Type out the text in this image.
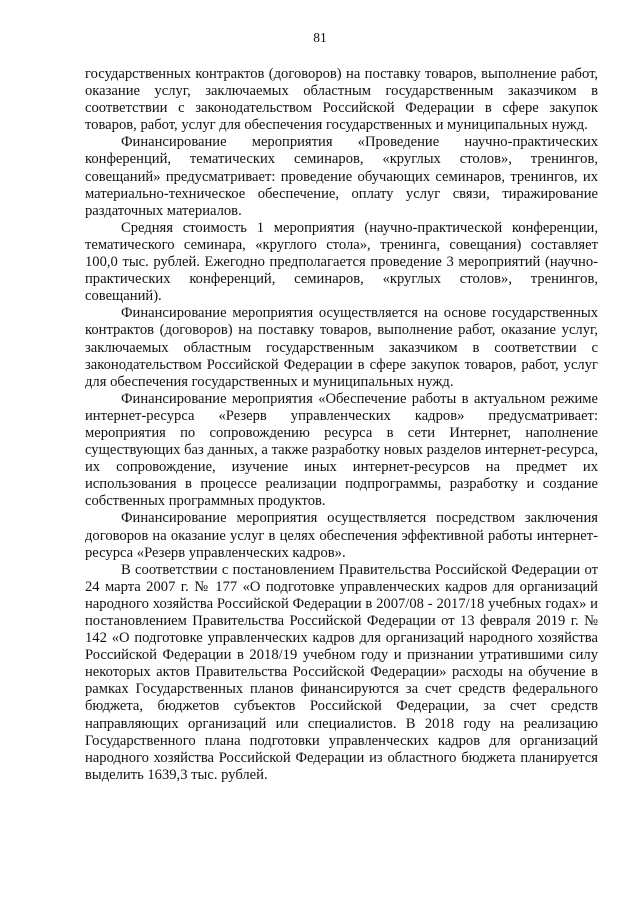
81

государственных контрактов (договоров) на поставку товаров, выполнение работ, оказание услуг, заключаемых областным государственным заказчиком в соответствии с законодательством Российской Федерации в сфере закупок товаров, работ, услуг для обеспечения государственных и муниципальных нужд.

Финансирование мероприятия «Проведение научно-практических конференций, тематических семинаров, «круглых столов», тренингов, совещаний» предусматривает: проведение обучающих семинаров, тренингов, их материально-техническое обеспечение, оплату услуг связи, тиражирование раздаточных материалов.

Средняя стоимость 1 мероприятия (научно-практической конференции, тематического семинара, «круглого стола», тренинга, совещания) составляет 100,0 тыс. рублей. Ежегодно предполагается проведение 3 мероприятий (научно-практических конференций, семинаров, «круглых столов», тренингов, совещаний).

Финансирование мероприятия осуществляется на основе государственных контрактов (договоров) на поставку товаров, выполнение работ, оказание услуг, заключаемых областным государственным заказчиком в соответствии с законодательством Российской Федерации в сфере закупок товаров, работ, услуг для обеспечения государственных и муниципальных нужд.

Финансирование мероприятия «Обеспечение работы в актуальном режиме интернет-ресурса «Резерв управленческих кадров» предусматривает: мероприятия по сопровождению ресурса в сети Интернет, наполнение существующих баз данных, а также разработку новых разделов интернет-ресурса, их сопровождение, изучение иных интернет-ресурсов на предмет их использования в процессе реализации подпрограммы, разработку и создание собственных программных продуктов.

Финансирование мероприятия осуществляется посредством заключения договоров на оказание услуг в целях обеспечения эффективной работы интернет-ресурса «Резерв управленческих кадров».

В соответствии с постановлением Правительства Российской Федерации от 24 марта 2007 г. № 177 «О подготовке управленческих кадров для организаций народного хозяйства Российской Федерации в 2007/08 - 2017/18 учебных годах» и постановлением Правительства Российской Федерации от 13 февраля 2019 г. № 142 «О подготовке управленческих кадров для организаций народного хозяйства Российской Федерации в 2018/19 учебном году и признании утратившими силу некоторых актов Правительства Российской Федерации» расходы на обучение в рамках Государственных планов финансируются за счет средств федерального бюджета, бюджетов субъектов Российской Федерации, за счет средств направляющих организаций или специалистов. В 2018 году на реализацию Государственного плана подготовки управленческих кадров для организаций народного хозяйства Российской Федерации из областного бюджета планируется выделить 1639,3 тыс. рублей.
